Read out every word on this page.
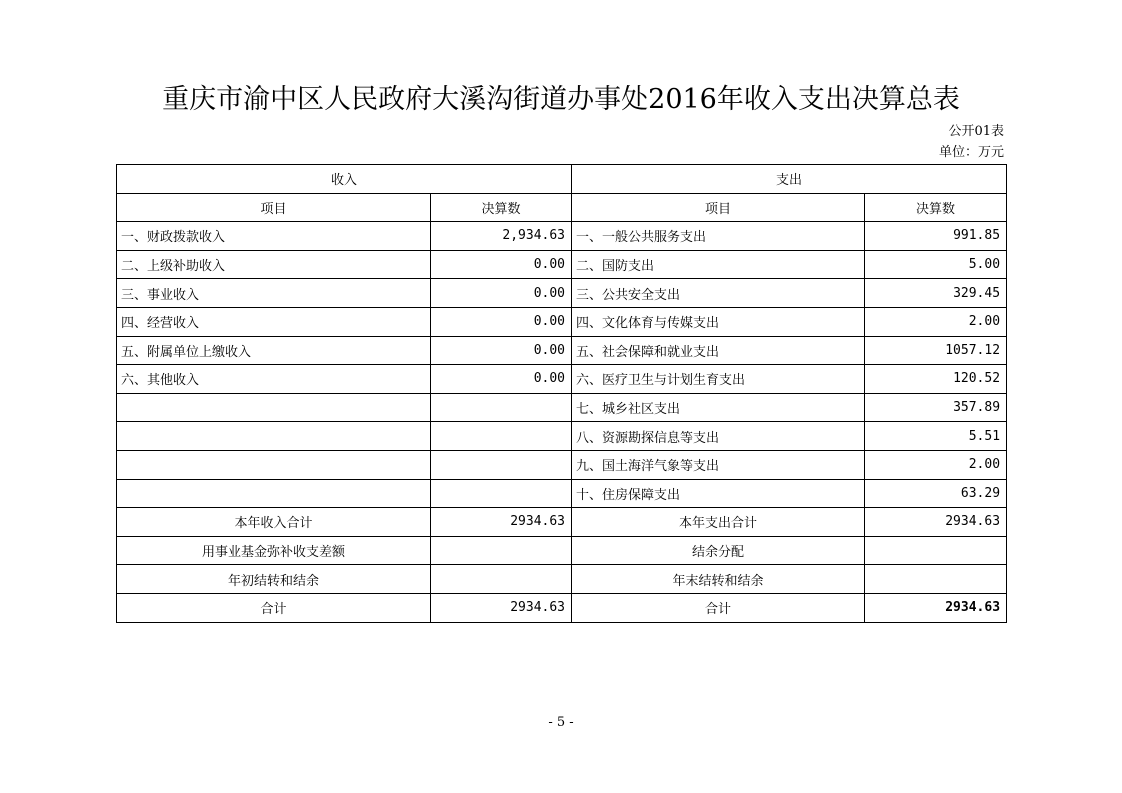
重庆市渝中区人民政府大溪沟街道办事处2016年收入支出决算总表
公开01表
单位：万元
收入		支出	
项目	决算数	项目	决算数
一、财政拨款收入	2,934.63	一、一般公共服务支出	991.85
二、上级补助收入	0.00	二、国防支出	5.00
三、事业收入	0.00	三、公共安全支出	329.45
四、经营收入	0.00	四、文化体育与传媒支出	2.00
五、附属单位上缴收入	0.00	五、社会保障和就业支出	1057.12
六、其他收入	0.00	六、医疗卫生与计划生育支出	120.52
		七、城乡社区支出	357.89
		八、资源勘探信息等支出	5.51
		九、国土海洋气象等支出	2.00
		十、住房保障支出	63.29
本年收入合计	2934.63	本年支出合计	2934.63
用事业基金弥补收支差额		结余分配	
年初结转和结余		年末结转和结余	
合计	2934.63	合计	2934.63
- 5 -
